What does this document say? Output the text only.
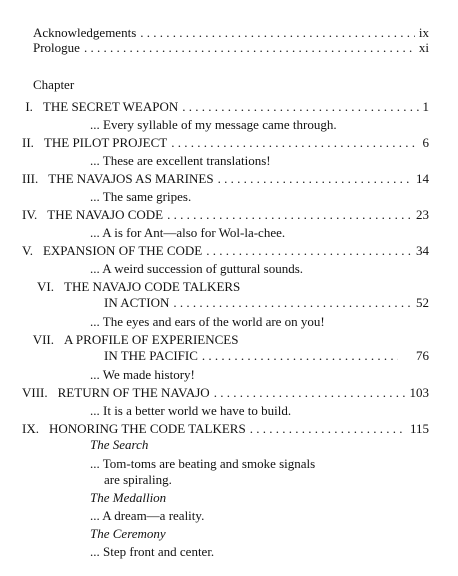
Acknowledgements . . .	ix
Prologue . . .	xi
Chapter
I. THE SECRET WEAPON . . .	1
... Every syllable of my message came through.
II. THE PILOT PROJECT . . .	6
... These are excellent translations!
III. THE NAVAJOS AS MARINES . . .	14
... The same gripes.
IV. THE NAVAJO CODE . . .	23
... A is for Ant—also for Wol-la-chee.
V. EXPANSION OF THE CODE . . .	34
... A weird succession of guttural sounds.
VI. THE NAVAJO CODE TALKERS
IN ACTION . . .	52
... The eyes and ears of the world are on you!
VII. A PROFILE OF EXPERIENCES
IN THE PACIFIC . .	76
... We made history!
VIII. RETURN OF THE NAVAJO . . .	103
... It is a better world we have to build.
IX. HONORING THE CODE TALKERS . . .	115
The Search
... Tom-toms are beating and smoke signals
are spiraling.
The Medallion
... A dream—a reality.
The Ceremony
... Step front and center.
